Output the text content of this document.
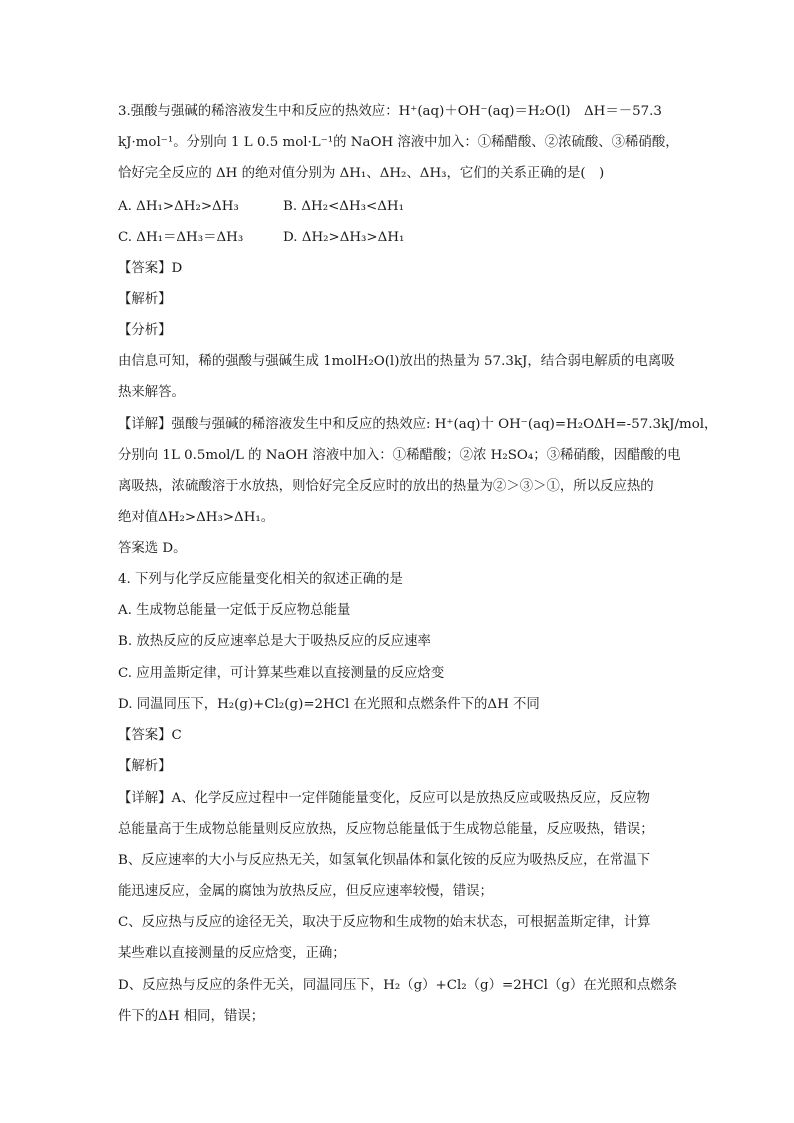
3.强酸与强碱的稀溶液发生中和反应的热效应：H⁺(aq)＋OH⁻(aq)＝H₂O(l)　ΔH＝－57.3
kJ·mol⁻¹。分别向 1 L 0.5 mol·L⁻¹的 NaOH 溶液中加入：①稀醋酸、②浓硫酸、③稀硝酸，
恰好完全反应的 ΔH 的绝对值分别为 ΔH₁、ΔH₂、ΔH₃，它们的关系正确的是(　)
A. ΔH₁>ΔH₂>ΔH₃	B. ΔH₂<ΔH₃<ΔH₁
C. ΔH₁＝ΔH₃＝ΔH₃	D. ΔH₂>ΔH₃>ΔH₁
【答案】D
【解析】
【分析】
由信息可知，稀的强酸与强碱生成 1molH₂O(l)放出的热量为 57.3kJ，结合弱电解质的电离吸
热来解答。
【详解】强酸与强碱的稀溶液发生中和反应的热效应: H⁺(aq)十 OH⁻(aq)=H₂OΔH=-57.3kJ/mol，
分别向 1L 0.5mol/L 的 NaOH 溶液中加入：①稀醋酸；②浓 H₂SO₄；③稀硝酸，因醋酸的电
离吸热，浓硫酸溶于水放热，则恰好完全反应时的放出的热量为②＞③＞①，所以反应热的
绝对值ΔH₂>ΔH₃>ΔH₁。
答案选 D。
4. 下列与化学反应能量变化相关的叙述正确的是
A. 生成物总能量一定低于反应物总能量
B. 放热反应的反应速率总是大于吸热反应的反应速率
C. 应用盖斯定律，可计算某些难以直接测量的反应焓变
D. 同温同压下，H₂(g)+Cl₂(g)=2HCl 在光照和点燃条件下的ΔH 不同
【答案】C
【解析】
【详解】A、化学反应过程中一定伴随能量变化，反应可以是放热反应或吸热反应，反应物
总能量高于生成物总能量则反应放热，反应物总能量低于生成物总能量，反应吸热，错误；
B、反应速率的大小与反应热无关，如氢氧化钡晶体和氯化铵的反应为吸热反应，在常温下
能迅速反应，金属的腐蚀为放热反应，但反应速率较慢，错误；
C、反应热与反应的途径无关，取决于反应物和生成物的始末状态，可根据盖斯定律，计算
某些难以直接测量的反应焓变，正确；
D、反应热与反应的条件无关，同温同压下，H₂（g）+Cl₂（g）=2HCl（g）在光照和点燃条
件下的ΔH 相同，错误；
